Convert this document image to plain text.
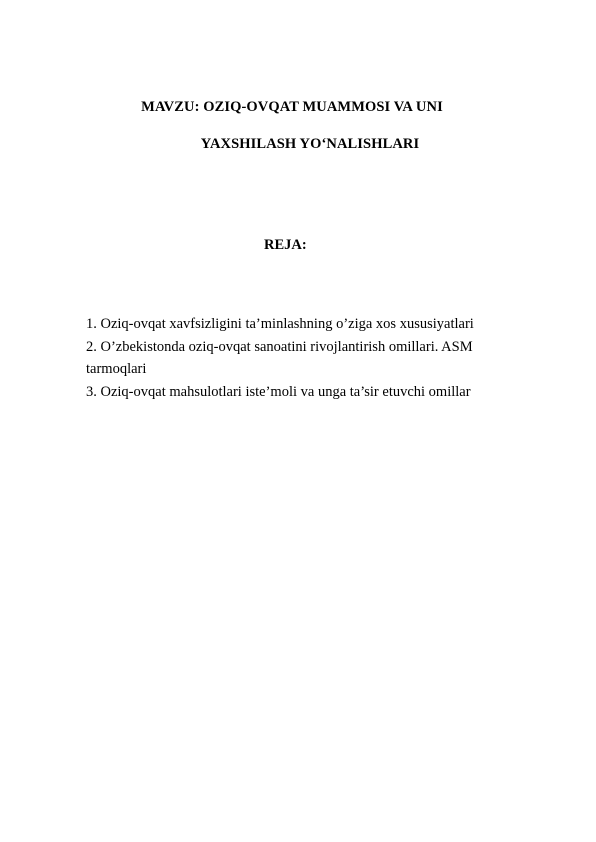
MAVZU: OZIQ-OVQAT MUAMMOSI VA UNI
YAXSHILASH YO‘NALISHLARI
REJA:
1. Oziq-ovqat xavfsizligini ta’minlashning o’ziga xos xususiyatlari
2. O’zbekistonda oziq-ovqat sanoatini rivojlantirish omillari. ASM
tarmoqlari
3. Oziq-ovqat mahsulotlari iste’moli va unga ta’sir etuvchi omillar
